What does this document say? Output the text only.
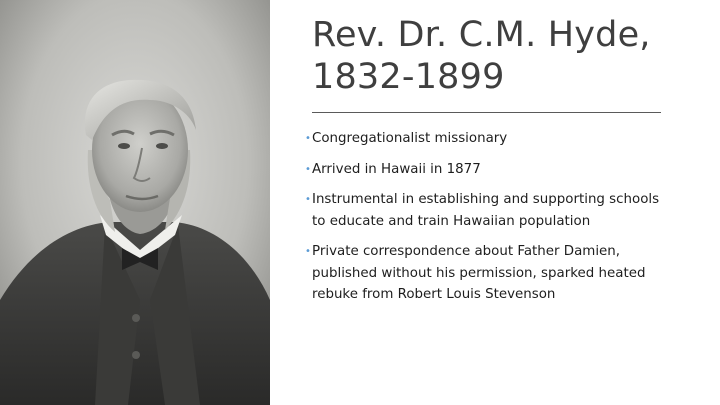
Rev. Dr. C.M. Hyde,
1832-1899
• Congregationalist missionary
• Arrived in Hawaii in 1877
• Instrumental in establishing and supporting schools
to educate and train Hawaiian population
• Private correspondence about Father Damien,
published without his permission, sparked heated
rebuke from Robert Louis Stevenson
